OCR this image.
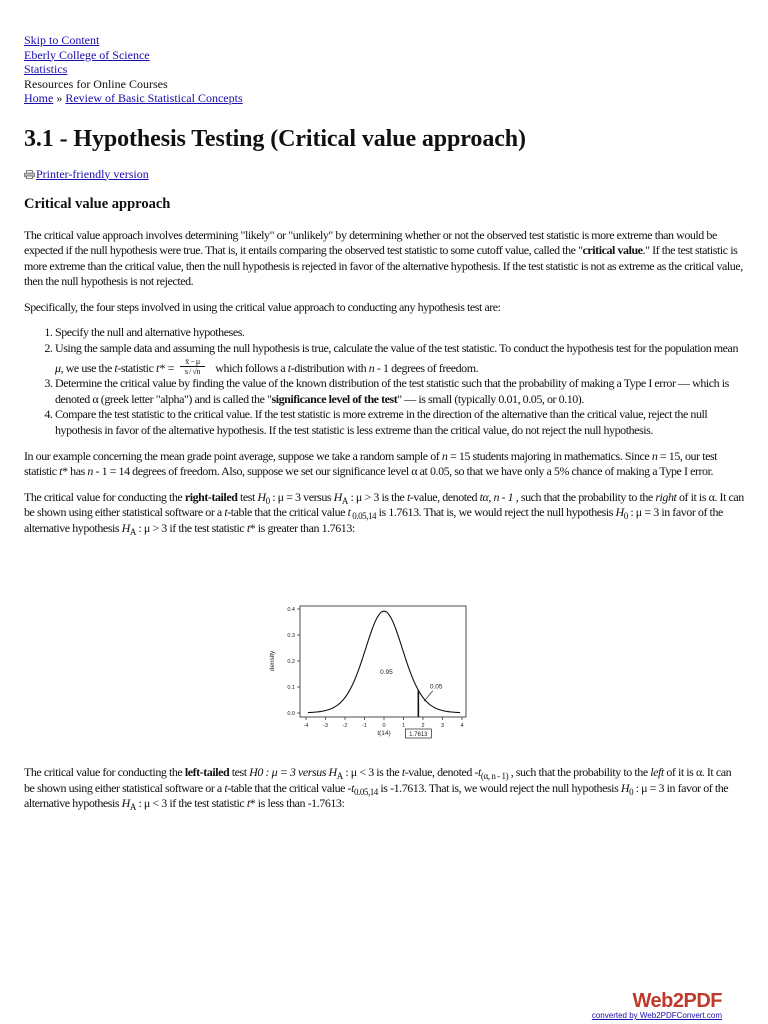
Skip to Content
Eberly College of Science
Statistics
Resources for Online Courses
Home » Review of Basic Statistical Concepts
3.1 - Hypothesis Testing (Critical value approach)
Printer-friendly version
Critical value approach

The critical value approach involves determining "likely" or "unlikely" by determining whether or not the observed test statistic is more extreme than would be expected if the null hypothesis were true. That is, it entails comparing the observed test statistic to some cutoff value, called the "critical value." If the test statistic is more extreme than the critical value, then the null hypothesis is rejected in favor of the alternative hypothesis. If the test statistic is not as extreme as the critical value, then the null hypothesis is not rejected.

Specifically, the four steps involved in using the critical value approach to conducting any hypothesis test are:

1. Specify the null and alternative hypotheses.
2. Using the sample data and assuming the null hypothesis is true, calculate the value of the test statistic. To conduct the hypothesis test for the population mean μ, we use the t-statistic $t* = \frac{x̄ - \mu}{s / √n}$ which follows a t-distribution with n - 1 degrees of freedom.
3. Determine the critical value by finding the value of the known distribution of the test statistic such that the probability of making a Type I error — which is denoted α (greek letter "alpha") and is called the "significance level of the test" — is small (typically 0.01, 0.05, or 0.10).
4. Compare the test statistic to the critical value. If the test statistic is more extreme in the direction of the alternative than the critical value, reject the null hypothesis in favor of the alternative hypothesis. If the test statistic is less extreme than the critical value, do not reject the null hypothesis.

In our example concerning the mean grade point average, suppose we take a random sample of n = 15 students majoring in mathematics. Since n = 15, our test statistic t* has n - 1 = 14 degrees of freedom. Also, suppose we set our significance level α at 0.05, so that we have only a 5% chance of making a Type I error.

The critical value for conducting the right-tailed test $H_0$ : μ = 3 versus $H_A$ : μ > 3 is the t-value, denoted tα, n - 1 , such that the probability to the right of it is α. It can be shown using either statistical software or a t-table that the critical value t $_{0.05,14}$ is 1.7613. That is, we would reject the null hypothesis $H_0$ : μ = 3 in favor of the alternative hypothesis $H_A$ : μ > 3 if the test statistic t* is greater than 1.7613:

0.0
0.1
0.2
0.3
0.4
-4	-3	-2	-1	0	1	2	3	4
0.95
0.05
density
t(14)	1.7613

The critical value for conducting the left-tailed test H0 : μ = 3 versus $H_A$ : μ < 3 is the t-value, denoted $-t_{(\alpha, n - 1)}$ , such that the probability to the left of it is α. It can be shown using either statistical software or a t-table that the critical value $-t_{0.05,14}$ is -1.7613. That is, we would reject the null hypothesis $H_0$ : μ = 3 in favor of the alternative hypothesis $H_A$ : μ < 3 if the test statistic t* is less than -1.7613:

Web2PDF
converted by Web2PDFConvert.com
